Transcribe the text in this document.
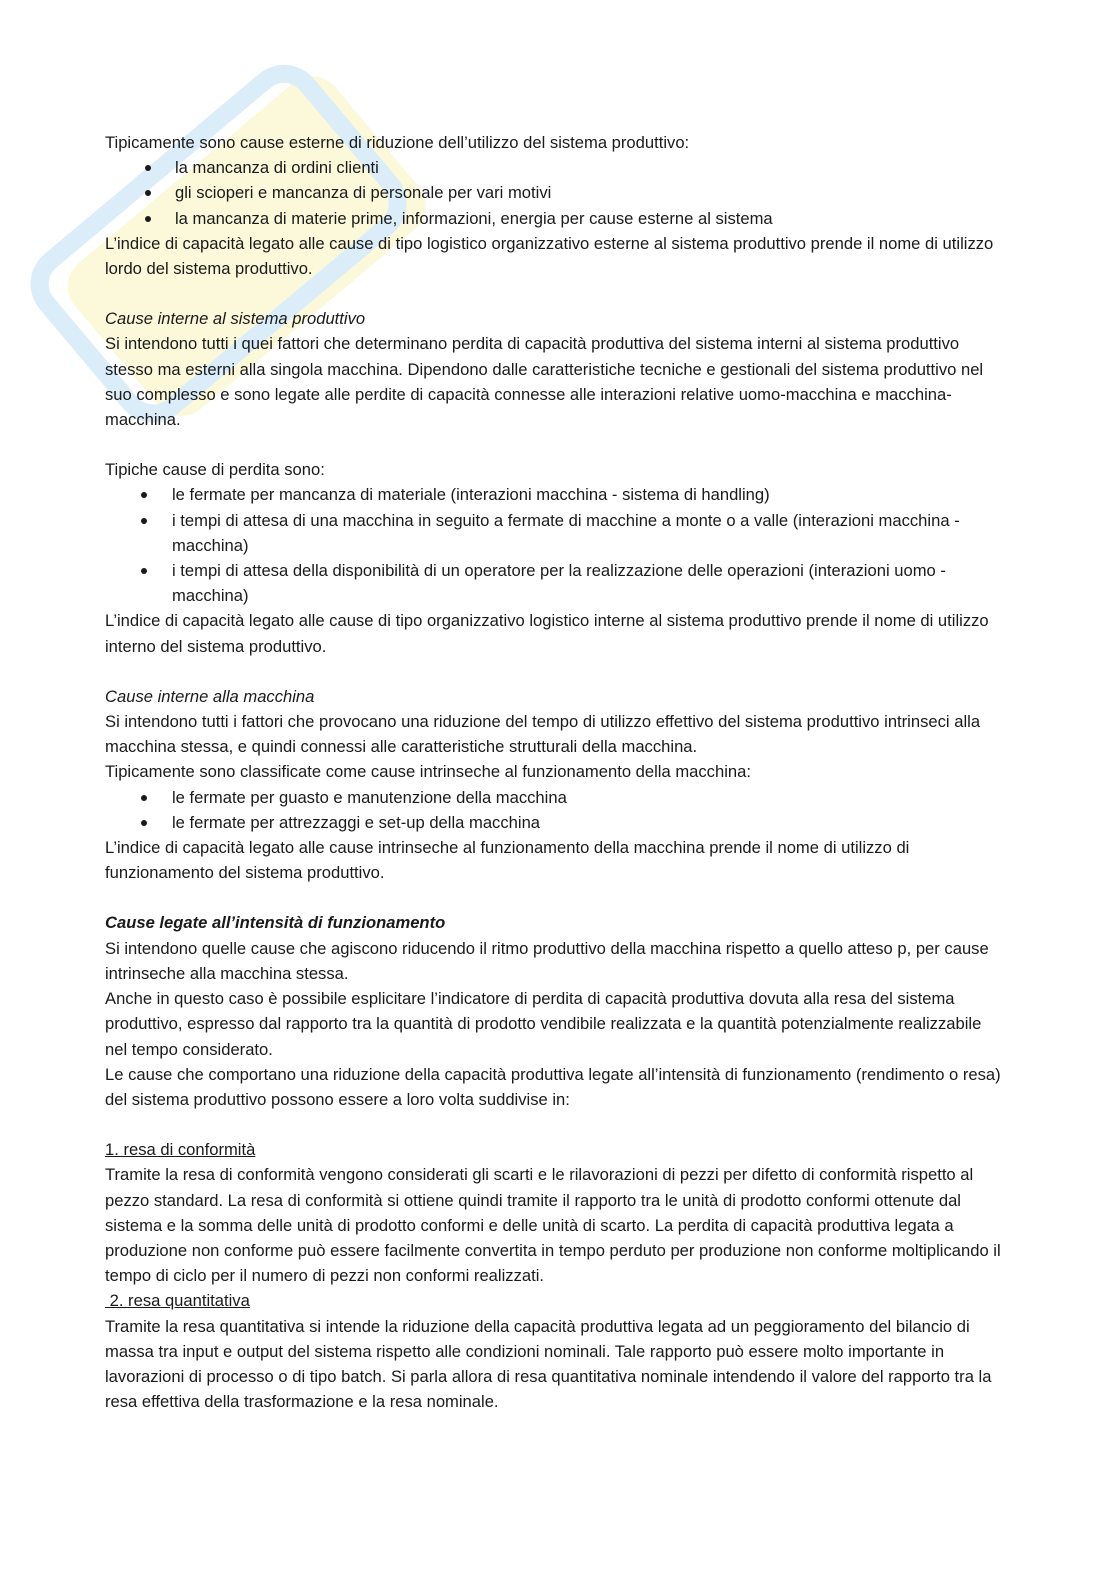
Tipicamente sono cause esterne di riduzione dell’utilizzo del sistema produttivo:

la mancanza di ordini clienti
gli scioperi e mancanza di personale per vari motivi
la mancanza di materie prime, informazioni, energia per cause esterne al sistema

L’indice di capacità legato alle cause di tipo logistico organizzativo esterne al sistema produttivo prende il nome di utilizzo lordo del sistema produttivo.

Cause interne al sistema produttivo

Si intendono tutti i quei fattori che determinano perdita di capacità produttiva del sistema interni al sistema produttivo stesso ma esterni alla singola macchina. Dipendono dalle caratteristiche tecniche e gestionali del sistema produttivo nel suo complesso e sono legate alle perdite di capacità connesse alle interazioni relative uomo-macchina e macchina-macchina.

Tipiche cause di perdita sono:

le fermate per mancanza di materiale (interazioni macchina - sistema di handling)
i tempi di attesa di una macchina in seguito a fermate di macchine a monte o a valle (interazioni macchina - macchina)
i tempi di attesa della disponibilità di un operatore per la realizzazione delle operazioni (interazioni uomo - macchina)

L’indice di capacità legato alle cause di tipo organizzativo logistico interne al sistema produttivo prende il nome di utilizzo interno del sistema produttivo.

Cause interne alla macchina

Si intendono tutti i fattori che provocano una riduzione del tempo di utilizzo effettivo del sistema produttivo intrinseci alla macchina stessa, e quindi connessi alle caratteristiche strutturali della macchina.

Tipicamente sono classificate come cause intrinseche al funzionamento della macchina:

le fermate per guasto e manutenzione della macchina
le fermate per attrezzaggi e set-up della macchina

L’indice di capacità legato alle cause intrinseche al funzionamento della macchina prende il nome di utilizzo di funzionamento del sistema produttivo.

Cause legate all’intensità di funzionamento

Si intendono quelle cause che agiscono riducendo il ritmo produttivo della macchina rispetto a quello atteso p, per cause intrinseche alla macchina stessa.

Anche in questo caso è possibile esplicitare l’indicatore di perdita di capacità produttiva dovuta alla resa del sistema produttivo, espresso dal rapporto tra la quantità di prodotto vendibile realizzata e la quantità potenzialmente realizzabile nel tempo considerato.

Le cause che comportano una riduzione della capacità produttiva legate all’intensità di funzionamento (rendimento o resa) del sistema produttivo possono essere a loro volta suddivise in:

1. resa di conformità

Tramite la resa di conformità vengono considerati gli scarti e le rilavorazioni di pezzi per difetto di conformità rispetto al pezzo standard. La resa di conformità si ottiene quindi tramite il rapporto tra le unità di prodotto conformi ottenute dal sistema e la somma delle unità di prodotto conformi e delle unità di scarto. La perdita di capacità produttiva legata a produzione non conforme può essere facilmente convertita in tempo perduto per produzione non conforme moltiplicando il tempo di ciclo per il numero di pezzi non conformi realizzati.

2. resa quantitativa

Tramite la resa quantitativa si intende la riduzione della capacità produttiva legata ad un peggioramento del bilancio di massa tra input e output del sistema rispetto alle condizioni nominali. Tale rapporto può essere molto importante in lavorazioni di processo o di tipo batch. Si parla allora di resa quantitativa nominale intendendo il valore del rapporto tra la resa effettiva della trasformazione e la resa nominale.
